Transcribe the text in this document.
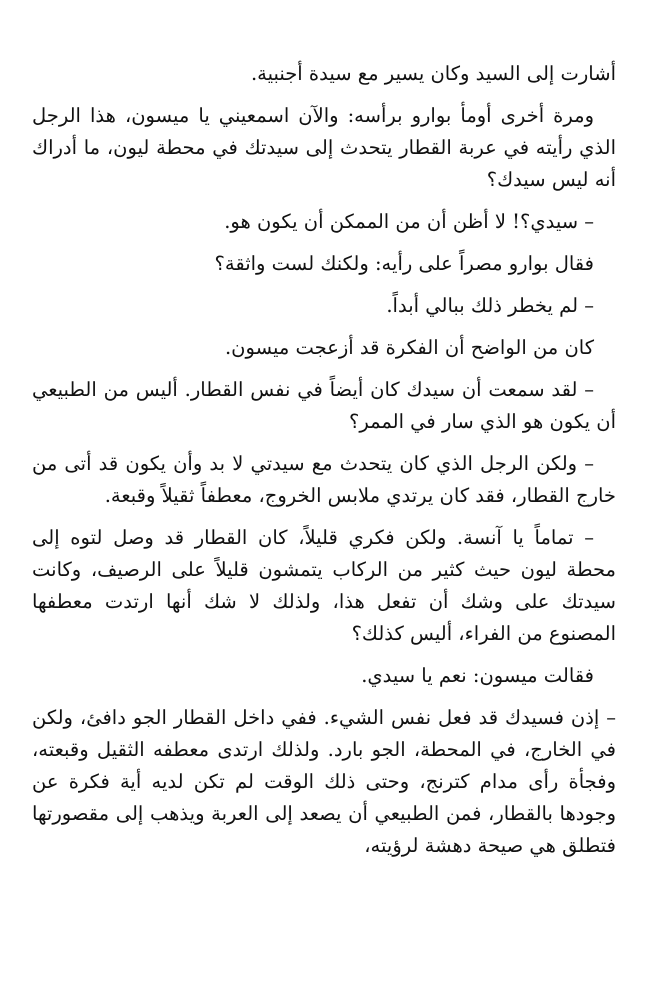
أشارت إلى السيد وكان يسير مع سيدة أجنبية.

ومرة أخرى أومأ بوارو برأسه: والآن اسمعيني يا ميسون، هذا الرجل الذي رأيته في عربة القطار يتحدث إلى سيدتك في محطة ليون، ما أدراك أنه ليس سيدك؟

– سيدي؟! لا أظن أن من الممكن أن يكون هو.

فقال بوارو مصراً على رأيه: ولكنك لست واثقة؟

– لم يخطر ذلك ببالي أبداً.

كان من الواضح أن الفكرة قد أزعجت ميسون.

– لقد سمعت أن سيدك كان أيضاً في نفس القطار. أليس من الطبيعي أن يكون هو الذي سار في الممر؟

– ولكن الرجل الذي كان يتحدث مع سيدتي لا بد وأن يكون قد أتى من خارج القطار، فقد كان يرتدي ملابس الخروج، معطفاً ثقيلاً وقبعة.

– تماماً يا آنسة. ولكن فكري قليلاً، كان القطار قد وصل لتوه إلى محطة ليون حيث كثير من الركاب يتمشون قليلاً على الرصيف، وكانت سيدتك على وشك أن تفعل هذا، ولذلك لا شك أنها ارتدت معطفها المصنوع من الفراء، أليس كذلك؟

فقالت ميسون: نعم يا سيدي.

– إذن فسيدك قد فعل نفس الشيء. ففي داخل القطار الجو دافئ، ولكن في الخارج، في المحطة، الجو بارد. ولذلك ارتدى معطفه الثقيل وقبعته، وفجأة رأى مدام كترنج، وحتى ذلك الوقت لم تكن لديه أية فكرة عن وجودها بالقطار، فمن الطبيعي أن يصعد إلى العربة ويذهب إلى مقصورتها فتطلق هي صيحة دهشة لرؤيته،
